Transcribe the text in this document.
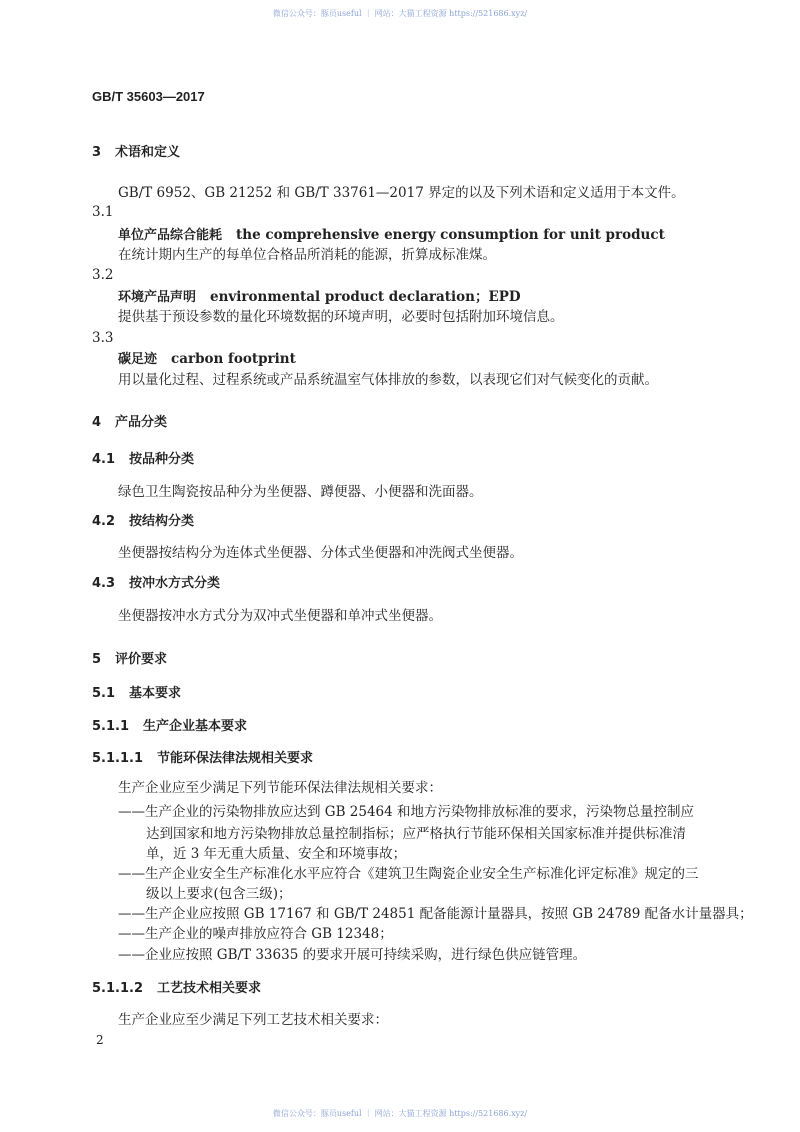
微信公众号：豚员useful ｜ 网站：大猫工程资源 https://521686.xyz/
GB/T 35603—2017
3 术语和定义
GB/T 6952、GB 21252 和 GB/T 33761—2017 界定的以及下列术语和定义适用于本文件。
3.1
单位产品综合能耗 the comprehensive energy consumption for unit product
在统计期内生产的每单位合格品所消耗的能源，折算成标准煤。
3.2
环境产品声明 environmental product declaration；EPD
提供基于预设参数的量化环境数据的环境声明，必要时包括附加环境信息。
3.3
碳足迹 carbon footprint
用以量化过程、过程系统或产品系统温室气体排放的参数，以表现它们对气候变化的贡献。
4 产品分类
4.1 按品种分类
绿色卫生陶瓷按品种分为坐便器、蹲便器、小便器和洗面器。
4.2 按结构分类
坐便器按结构分为连体式坐便器、分体式坐便器和冲洗阀式坐便器。
4.3 按冲水方式分类
坐便器按冲水方式分为双冲式坐便器和单冲式坐便器。
5 评价要求
5.1 基本要求
5.1.1 生产企业基本要求
5.1.1.1 节能环保法律法规相关要求
生产企业应至少满足下列节能环保法律法规相关要求：
——生产企业的污染物排放应达到 GB 25464 和地方污染物排放标准的要求，污染物总量控制应
达到国家和地方污染物排放总量控制指标；应严格执行节能环保相关国家标准并提供标准清
单，近 3 年无重大质量、安全和环境事故；
——生产企业安全生产标准化水平应符合《建筑卫生陶瓷企业安全生产标准化评定标准》规定的三
级以上要求(包含三级)；
——生产企业应按照 GB 17167 和 GB/T 24851 配备能源计量器具，按照 GB 24789 配备水计量器具；
——生产企业的噪声排放应符合 GB 12348；
——企业应按照 GB/T 33635 的要求开展可持续采购，进行绿色供应链管理。
5.1.1.2 工艺技术相关要求
生产企业应至少满足下列工艺技术相关要求：
2
微信公众号：豚员useful ｜ 网站：大猫工程资源 https://521686.xyz/
